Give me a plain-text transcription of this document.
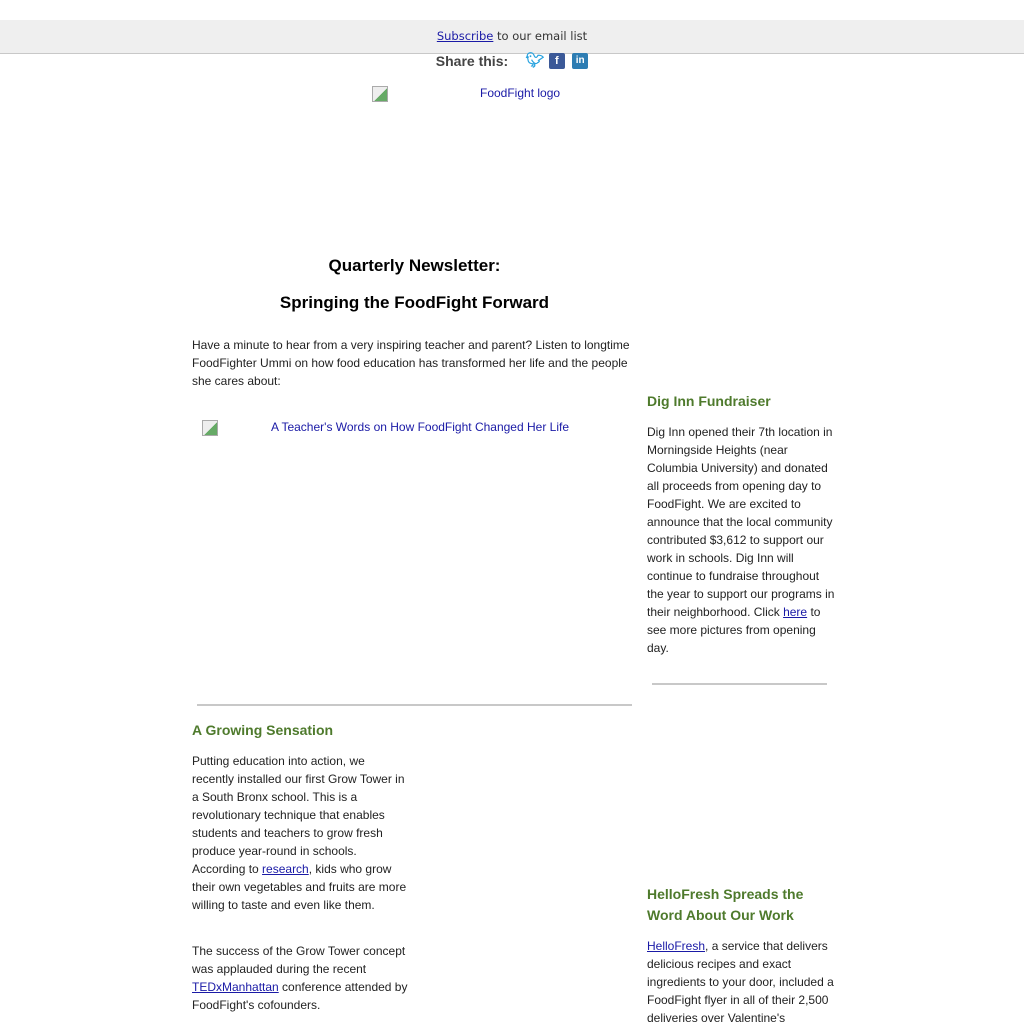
Subscribe to our email list
Share this: 🐦︎ f in
FoodFight logo
Quarterly Newsletter:
Springing the FoodFight Forward
Have a minute to hear from a very inspiring teacher and parent? Listen to longtime FoodFighter Ummi on how food education has transformed her life and the people she cares about:
A Teacher's Words on How FoodFight Changed Her Life
Dig Inn Fundraiser
Dig Inn opened their 7th location in Morningside Heights (near Columbia University) and donated all proceeds from opening day to FoodFight. We are excited to announce that the local community contributed $3,612 to support our work in schools. Dig Inn will continue to fundraise throughout the year to support our programs in their neighborhood. Click here to see more pictures from opening day.
A Growing Sensation
Putting education into action, we recently installed our first Grow Tower in a South Bronx school. This is a revolutionary technique that enables students and teachers to grow fresh produce year-round in schools. According to research, kids who grow their own vegetables and fruits are more willing to taste and even like them.
The success of the Grow Tower concept was applauded during the recent TEDxManhattan conference attended by FoodFight's cofounders.
HelloFresh Spreads the Word About Our Work
HelloFresh, a service that delivers delicious recipes and exact ingredients to your door, included a FoodFight flyer in all of their 2,500 deliveries over Valentine's
